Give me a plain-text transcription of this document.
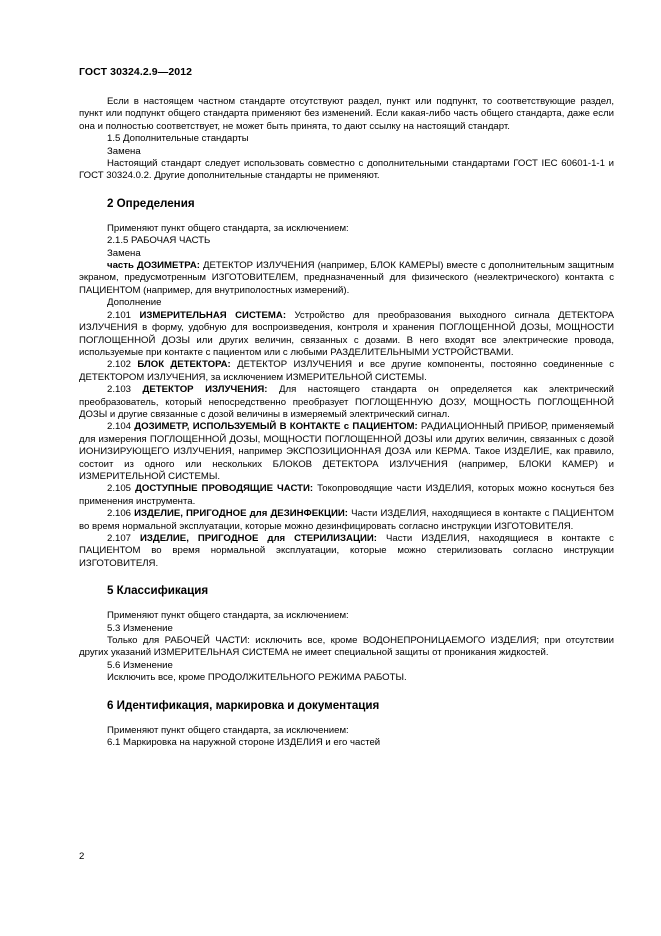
ГОСТ 30324.2.9—2012

Если в настоящем частном стандарте отсутствуют раздел, пункт или подпункт, то соответствующие раздел, пункт или подпункт общего стандарта применяют без изменений. Если какая-либо часть общего стандарта, даже если она и полностью соответствует, не может быть принята, то дают ссылку на настоящий стандарт.

1.5 Дополнительные стандарты

Замена

Настоящий стандарт следует использовать совместно с дополнительными стандартами ГОСТ IEC 60601-1-1 и ГОСТ 30324.0.2. Другие дополнительные стандарты не применяют.

2 Определения

Применяют пункт общего стандарта, за исключением:

2.1.5 РАБОЧАЯ ЧАСТЬ

Замена

часть ДОЗИМЕТРА: ДЕТЕКТОР ИЗЛУЧЕНИЯ (например, БЛОК КАМЕРЫ) вместе с дополнительным защитным экраном, предусмотренным ИЗГОТОВИТЕЛЕМ, предназначенный для физического (неэлектрического) контакта с ПАЦИЕНТОМ (например, для внутриполостных измерений).

Дополнение

2.101 ИЗМЕРИТЕЛЬНАЯ СИСТЕМА: Устройство для преобразования выходного сигнала ДЕТЕКТОРА ИЗЛУЧЕНИЯ в форму, удобную для воспроизведения, контроля и хранения ПОГЛОЩЕННОЙ ДОЗЫ, МОЩНОСТИ ПОГЛОЩЕННОЙ ДОЗЫ или других величин, связанных с дозами. В него входят все электрические провода, используемые при контакте с пациентом или с любыми РАЗДЕЛИТЕЛЬНЫМИ УСТРОЙСТВАМИ.

2.102 БЛОК ДЕТЕКТОРА: ДЕТЕКТОР ИЗЛУЧЕНИЯ и все другие компоненты, постоянно соединенные с ДЕТЕКТОРОМ ИЗЛУЧЕНИЯ, за исключением ИЗМЕРИТЕЛЬНОЙ СИСТЕМЫ.

2.103 ДЕТЕКТОР ИЗЛУЧЕНИЯ: Для настоящего стандарта он определяется как электрический преобразователь, который непосредственно преобразует ПОГЛОЩЕННУЮ ДОЗУ, МОЩНОСТЬ ПОГЛОЩЕННОЙ ДОЗЫ и другие связанные с дозой величины в измеряемый электрический сигнал.

2.104 ДОЗИМЕТР, ИСПОЛЬЗУЕМЫЙ В КОНТАКТЕ с ПАЦИЕНТОМ: РАДИАЦИОННЫЙ ПРИБОР, применяемый для измерения ПОГЛОЩЕННОЙ ДОЗЫ, МОЩНОСТИ ПОГЛОЩЕННОЙ ДОЗЫ или других величин, связанных с дозой ИОНИЗИРУЮЩЕГО ИЗЛУЧЕНИЯ, например ЭКСПОЗИЦИОННАЯ ДОЗА или КЕРМА. Такое ИЗДЕЛИЕ, как правило, состоит из одного или нескольких БЛОКОВ ДЕТЕКТОРА ИЗЛУЧЕНИЯ (например, БЛОКИ КАМЕР) и ИЗМЕРИТЕЛЬНОЙ СИСТЕМЫ.

2.105 ДОСТУПНЫЕ ПРОВОДЯЩИЕ ЧАСТИ: Токопроводящие части ИЗДЕЛИЯ, которых можно коснуться без применения инструмента.

2.106 ИЗДЕЛИЕ, ПРИГОДНОЕ для ДЕЗИНФЕКЦИИ: Части ИЗДЕЛИЯ, находящиеся в контакте с ПАЦИЕНТОМ во время нормальной эксплуатации, которые можно дезинфицировать согласно инструкции ИЗГОТОВИТЕЛЯ.

2.107 ИЗДЕЛИЕ, ПРИГОДНОЕ для СТЕРИЛИЗАЦИИ: Части ИЗДЕЛИЯ, находящиеся в контакте с ПАЦИЕНТОМ во время нормальной эксплуатации, которые можно стерилизовать согласно инструкции ИЗГОТОВИТЕЛЯ.

5 Классификация

Применяют пункт общего стандарта, за исключением:

5.3 Изменение

Только для РАБОЧЕЙ ЧАСТИ: исключить все, кроме ВОДОНЕПРОНИЦАЕМОГО ИЗДЕЛИЯ; при отсутствии других указаний ИЗМЕРИТЕЛЬНАЯ СИСТЕМА не имеет специальной защиты от проникания жидкостей.

5.6 Изменение

Исключить все, кроме ПРОДОЛЖИТЕЛЬНОГО РЕЖИМА РАБОТЫ.

6 Идентификация, маркировка и документация

Применяют пункт общего стандарта, за исключением:

6.1 Маркировка на наружной стороне ИЗДЕЛИЯ и его частей

2
